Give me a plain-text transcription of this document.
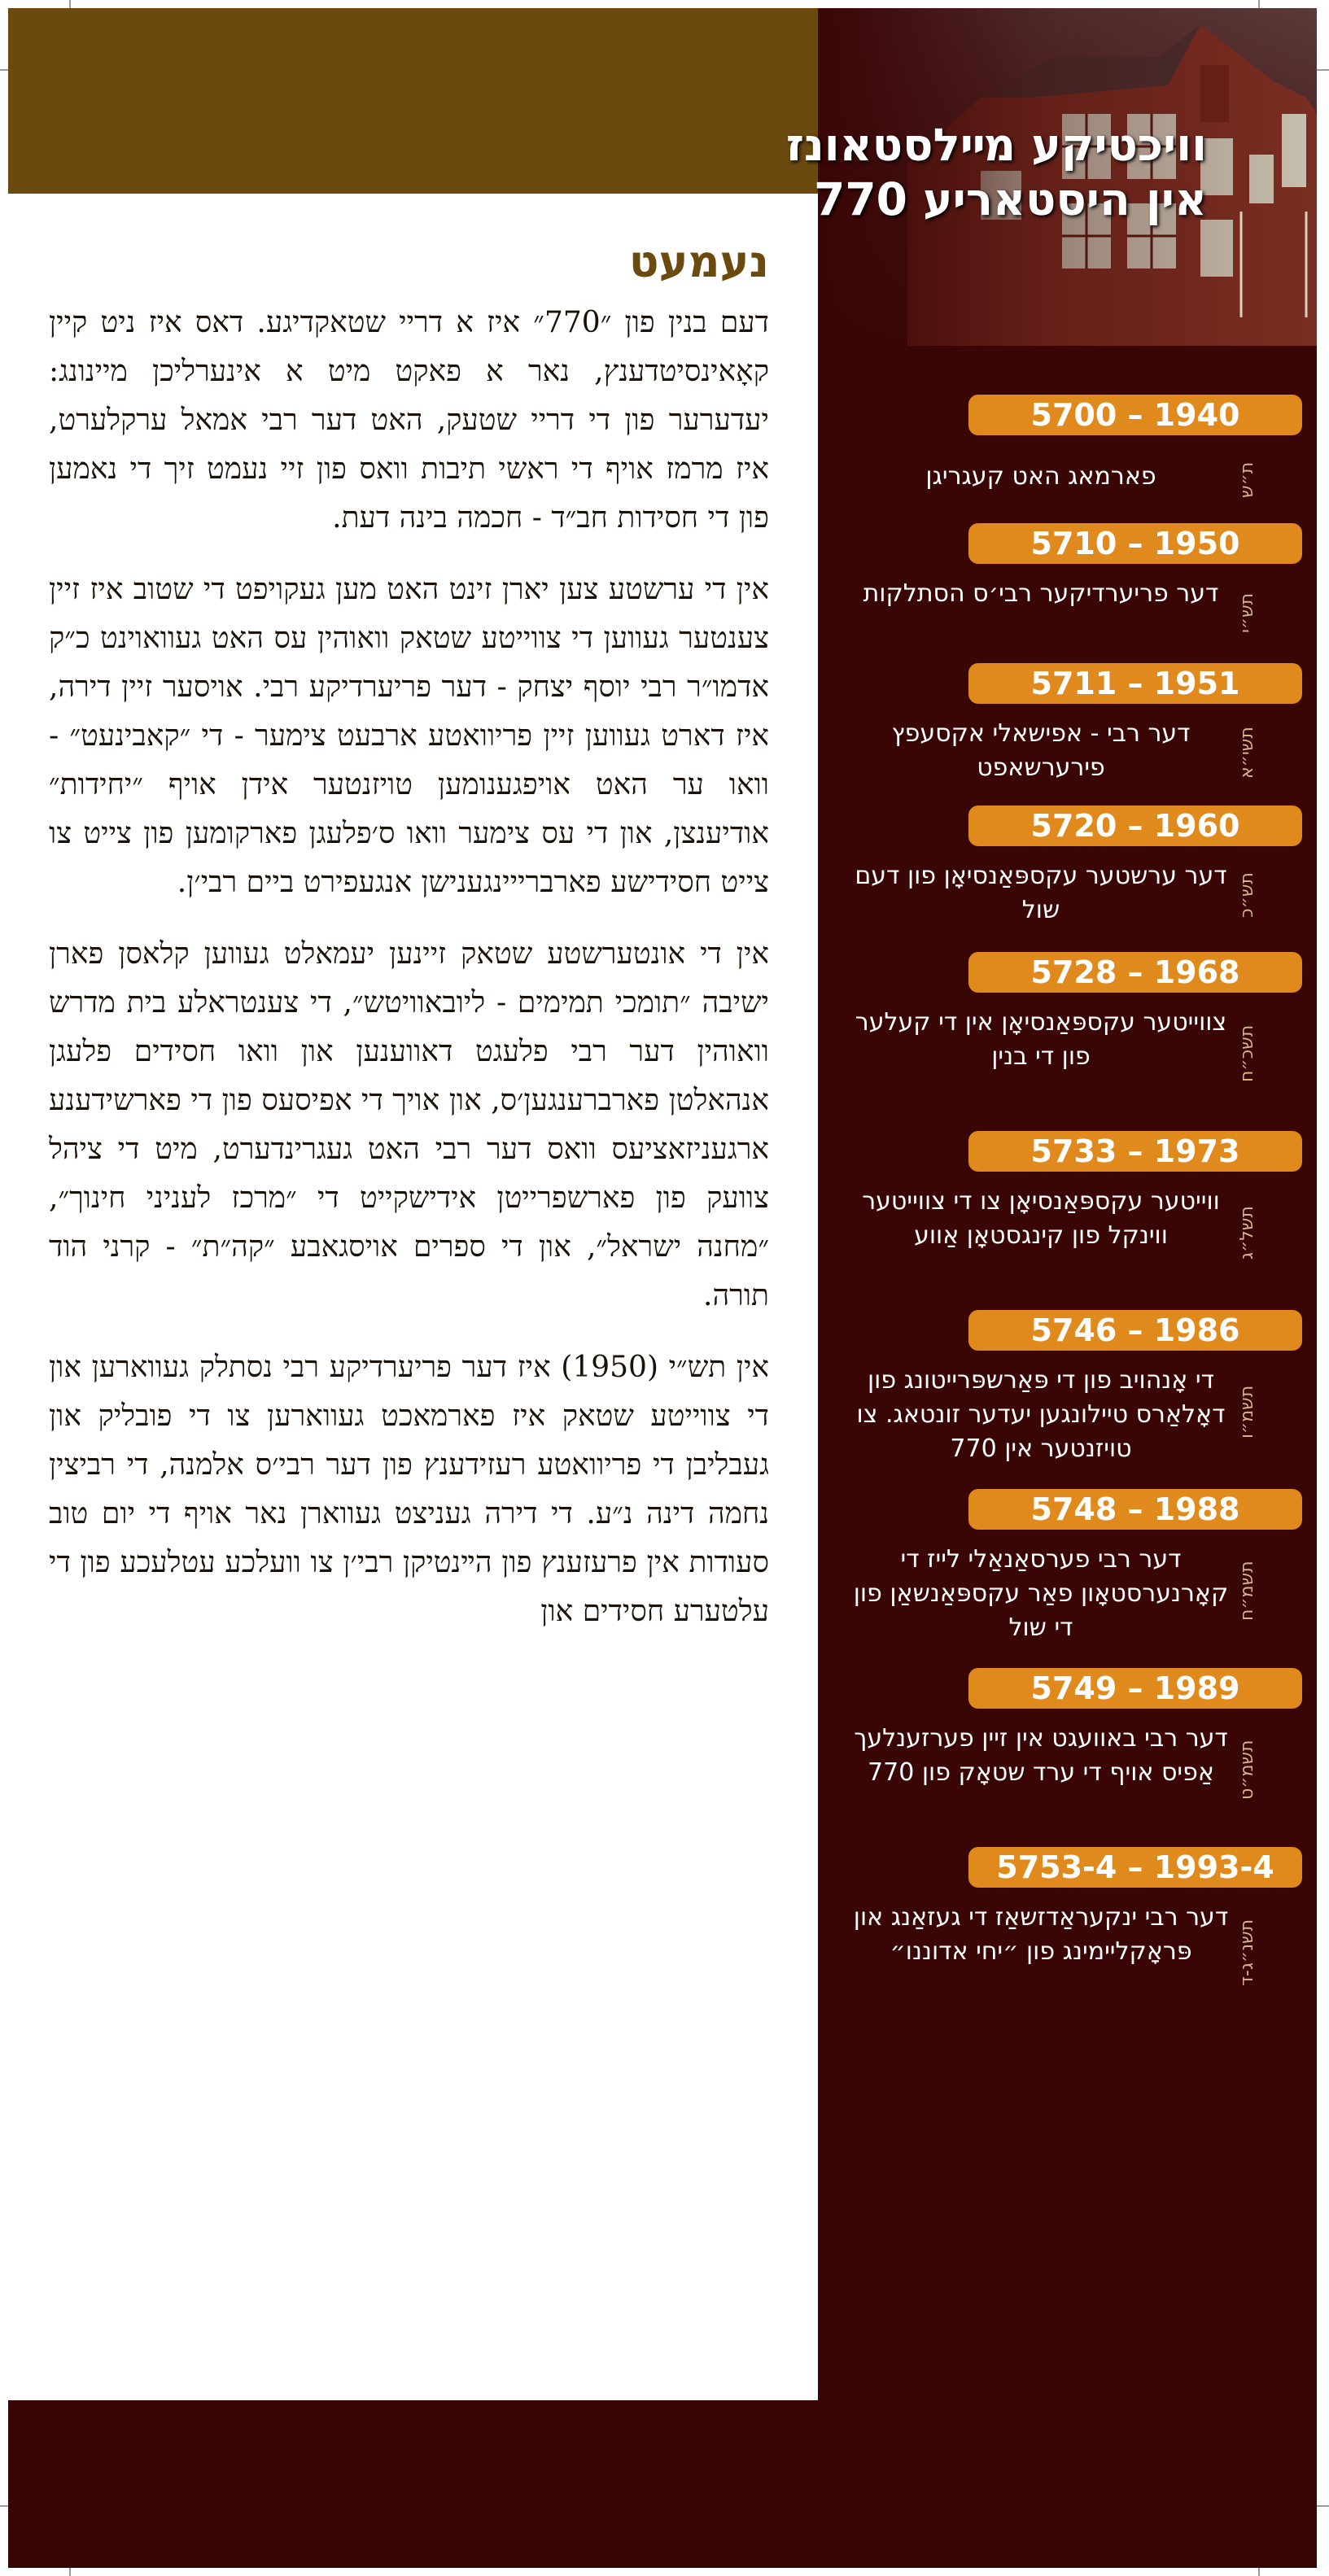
וויכטיקע מײלסטאונז אין היסטאריע 770
נעמעט

דעם בנין פון ״770״ איז א דריי שטאקדיגע. דאס איז ניט קיין קאָאינסיטדענץ, נאר א פאקט מיט א אינערליכן מיינונג: יעדערער פון די דריי שטעק, האט דער רבי אמאל ערקלערט, איז מרמז אויף די ראשי תיבות וואס פון זיי נעמט זיך די נאמען פון די חסידות חב״ד - חכמה בינה דעת.

אין די ערשטע צען יארן זינט האט מען געקויפט די שטוב איז זיין צענטער געווען די צווייטע שטאק וואוהין עס האט געוואוינט כ״ק אדמו״ר רבי יוסף יצחק - דער פריערדיקע רבי. אויסער זיין דירה, איז דארט געווען זיין פריוואטע ארבעט צימער - די ״קאבינעט״ - וואו ער האט אויפגענומען טויזנטער אידן אויף ״יחידות״ אודיענצן, און די עס צימער וואו ס׳פלעגן פארקומען פון צייט צו צייט חסידישע פארברייינגענישן אנגעפירט ביים רבי׳ן.

אין די אונטערשטע שטאק זיינען יעמאלט געווען קלאסן פארן ישיבה ״תומכי תמימים - ליובאוויטש״, די צענטראלע בית מדרש וואוהין דער רבי פלעגט דאווענען און וואו חסידים פלעגן אנהאלטן פארברענגען׳ס, און אויך די אפיסעס פון די פארשידענע ארגעניזאציעס וואס דער רבי האט געגרינדערט, מיט די ציהל צוועק פון פארשפרייטן אידישקייט די ״מרכז לעניני חינוך״, ״מחנה ישראל״, און די ספרים אויסגאבע ״קה״ת״ - קרני הוד תורה.

אין תש״י (1950) איז דער פריערדיקע רבי נסתלק געווארען און די צווייטע שטאק איז פארמאכט געווארען צו די פובליק און געבליבן די פריוואטע רעזידענץ פון דער רבי׳ס אלמנה, די רביצין נחמה דינה נ״ע. די דירה געניצט געווארן נאר אויף די יום טוב סעודות אין פרעזענץ פון הײנטיקן רבי׳ן צו וועלכע עטלעכע פון די עלטערע חסידים און

5700 – 1940
ת״ש
פארמאג האט קעגריגן
5710 – 1950
תש״י
דער פריערדיקער רבי׳ס הסתלקות
5711 – 1951
תשי״א
דער רבי - אפישאלי אקסעפץ פירערשאפט
5720 – 1960
תש״כ
דער ערשטער עקספּאַנסיאָן פון דעם שול
5728 – 1968
תשכ״ח
צווייטער עקספּאַנסיאָן אין די קעלער פון די בנין
5733 – 1973
תשל״ג
ווייטער עקספּאַנסיאָן צו די צווייטער ווינקל פון קינגסטאָן אַווע
5746 – 1986
תשמ״ו
די אָנהויב פון די פּאַרשפּרייטונג פון דאָלאַרס טיילונגען יעדער זונטאג. צו טויזנטער אין 770
5748 – 1988
תשמ״ח
דער רבי פערסאַנאַלי לייז די קאָרנערסטאָון פאַר עקספּאַנשאַן פון די שול
5749 – 1989
תשמ״ט
דער רבי באוועגט אין זיין פערזענלעך אַפיס אויף די ערד שטאָק פון 770
5753-4 – 1993-4
תשנ״ג-ד
דער רבי ינקעראַדזשאַז די געזאַנג און פּראָקליימינג פון ״יחי אדוננו״
